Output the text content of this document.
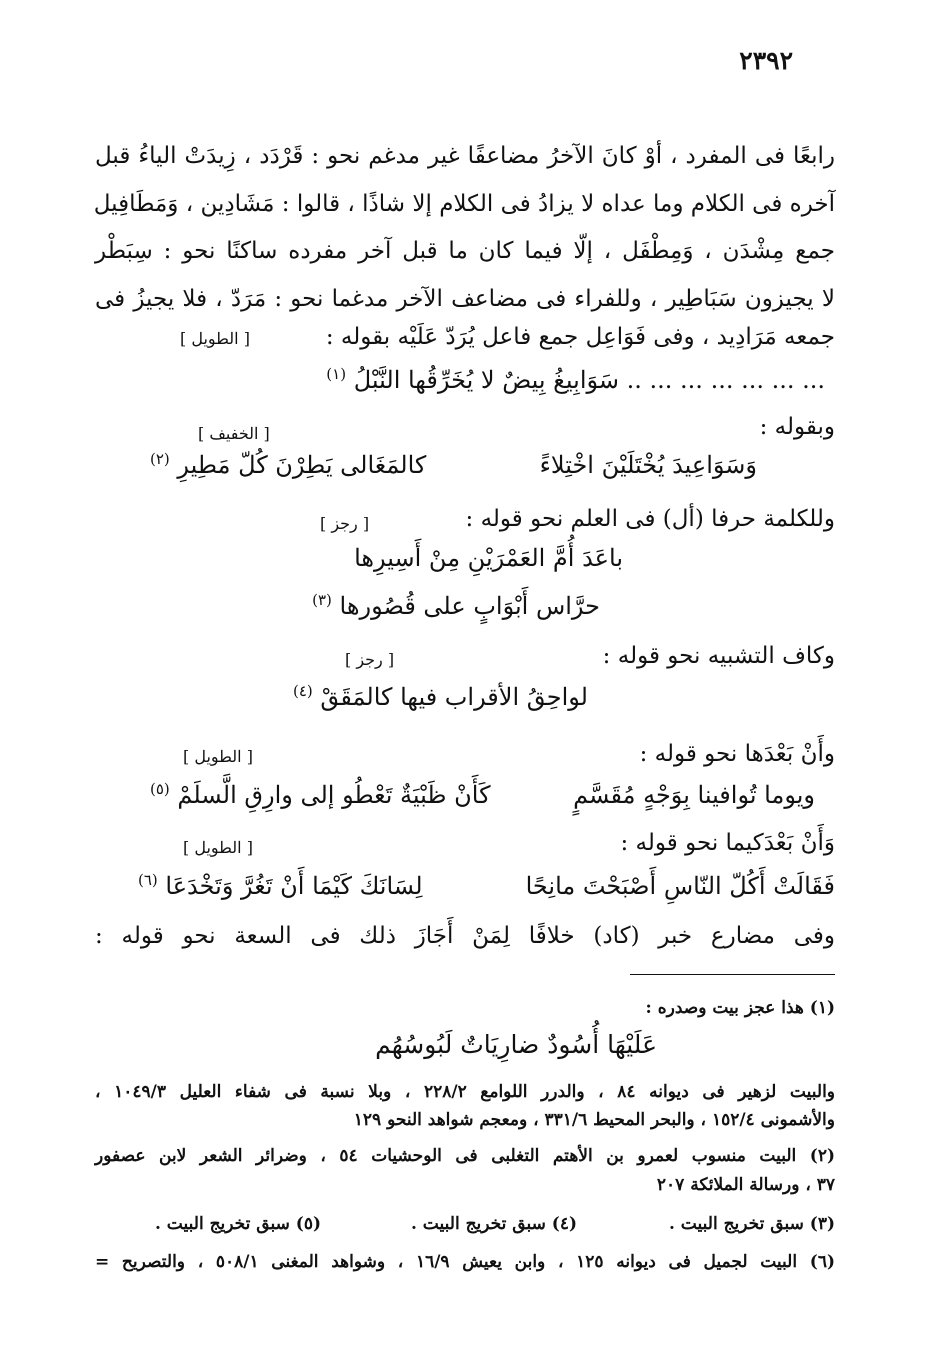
٢٣٩٢
رابعًا فى المفرد ، أوْ كانَ الآخرُ مضاعفًا غير مدغم نحو : قَرْدَد ، زِيدَتْ الياءُ قبل
آخره فى الكلام وما عداه لا يزادُ فى الكلام إلا شاذًا ، قالوا : مَشَادِين ، وَمَطَافِيل
جمع مِشْدَن ، وَمِطْفَل ، إلّا فيما كان ما قبل آخر مفرده ساكنًا نحو : سِبَطْر
لا يجيزون سَبَاطِير ، وللفراء فى مضاعف الآخر مدغما نحو : مَرَدّ ، فلا يجيزُ فى
جمعه مَرَادِيد ، وفى فَوَاعِل جمع فاعل يُرَدّ عَلَيْه بقوله :
[ الطويل ]
... ... ... ... ... ... .. سَوَابِيغُ بِيضٌ لا يُخَرِّقُها النَّبْلُ $^{(١)}$
وبقوله :
[ الخفيف ]
وَسَوَاعِيدَ يُخْتَلَيْنَ اخْتِلاءً
كالمَغَالى يَطِرْنَ كُلّ مَطِيرِ $^{(٢)}$
وللكلمة حرفا (أل) فى العلم نحو قوله :
[ رجز ]
باعَدَ أُمَّ العَمْرَيْنِ مِنْ أَسِيرِها
حرَّاس أَبْوَابٍ على قُصُورها $^{(٣)}$
وكاف التشبيه نحو قوله :
[ رجز ]
لواحِقُ الأقراب فيها كالمَقَقْ $^{(٤)}$
وأَنْ بَعْدَها نحو قوله :
[ الطويل ]
ويوما تُوافينا بِوَجْهٍ مُقَسَّمٍ
كَأَنْ ظَبْيَةٌ تَعْطُو إلى وارِقِ الَّسلَمْ $^{(٥)}$
وَأَنْ بَعْدَكيما نحو قوله :
[ الطويل ]
فَقَالَتْ أَكُلّ النّاسِ أَصْبَحْتَ مانِحًا
لِسَانَكَ كَيْمَا أَنْ تَغُرَّ وَتَخْدَعَا $^{(٦)}$
وفى مضارع خبر (كاد) خلافًا لِمَنْ أَجَازَ ذلك فى السعة نحو قوله :
(١) هذا عجز بيت وصدره :
عَلَيْهَا أُسُودٌ ضارِيَاتٌ لَبُوسُهُم
والبيت لزهير فى ديوانه ٨٤ ، والدرر اللوامع ٢٢٨/٢ ، وبلا نسبة فى شفاء العليل ١٠٤٩/٣ ،
والأشمونى ١٥٢/٤ ، والبحر المحيط ٣٣١/٦ ، ومعجم شواهد النحو ١٢٩
(٢) البيت منسوب لعمرو بن الأهتم التغلبى فى الوحشيات ٥٤ ، وضرائر الشعر لابن عصفور
٣٧ ، ورسالة الملائكة ٢٠٧
(٣) سبق تخريج البيت .
(٤) سبق تخريج البيت .
(٥) سبق تخريج البيت .
(٦) البيت لجميل فى ديوانه ١٢٥ ، وابن يعيش ١٦/٩ ، وشواهد المغنى ٥٠٨/١ ، والتصريح =
